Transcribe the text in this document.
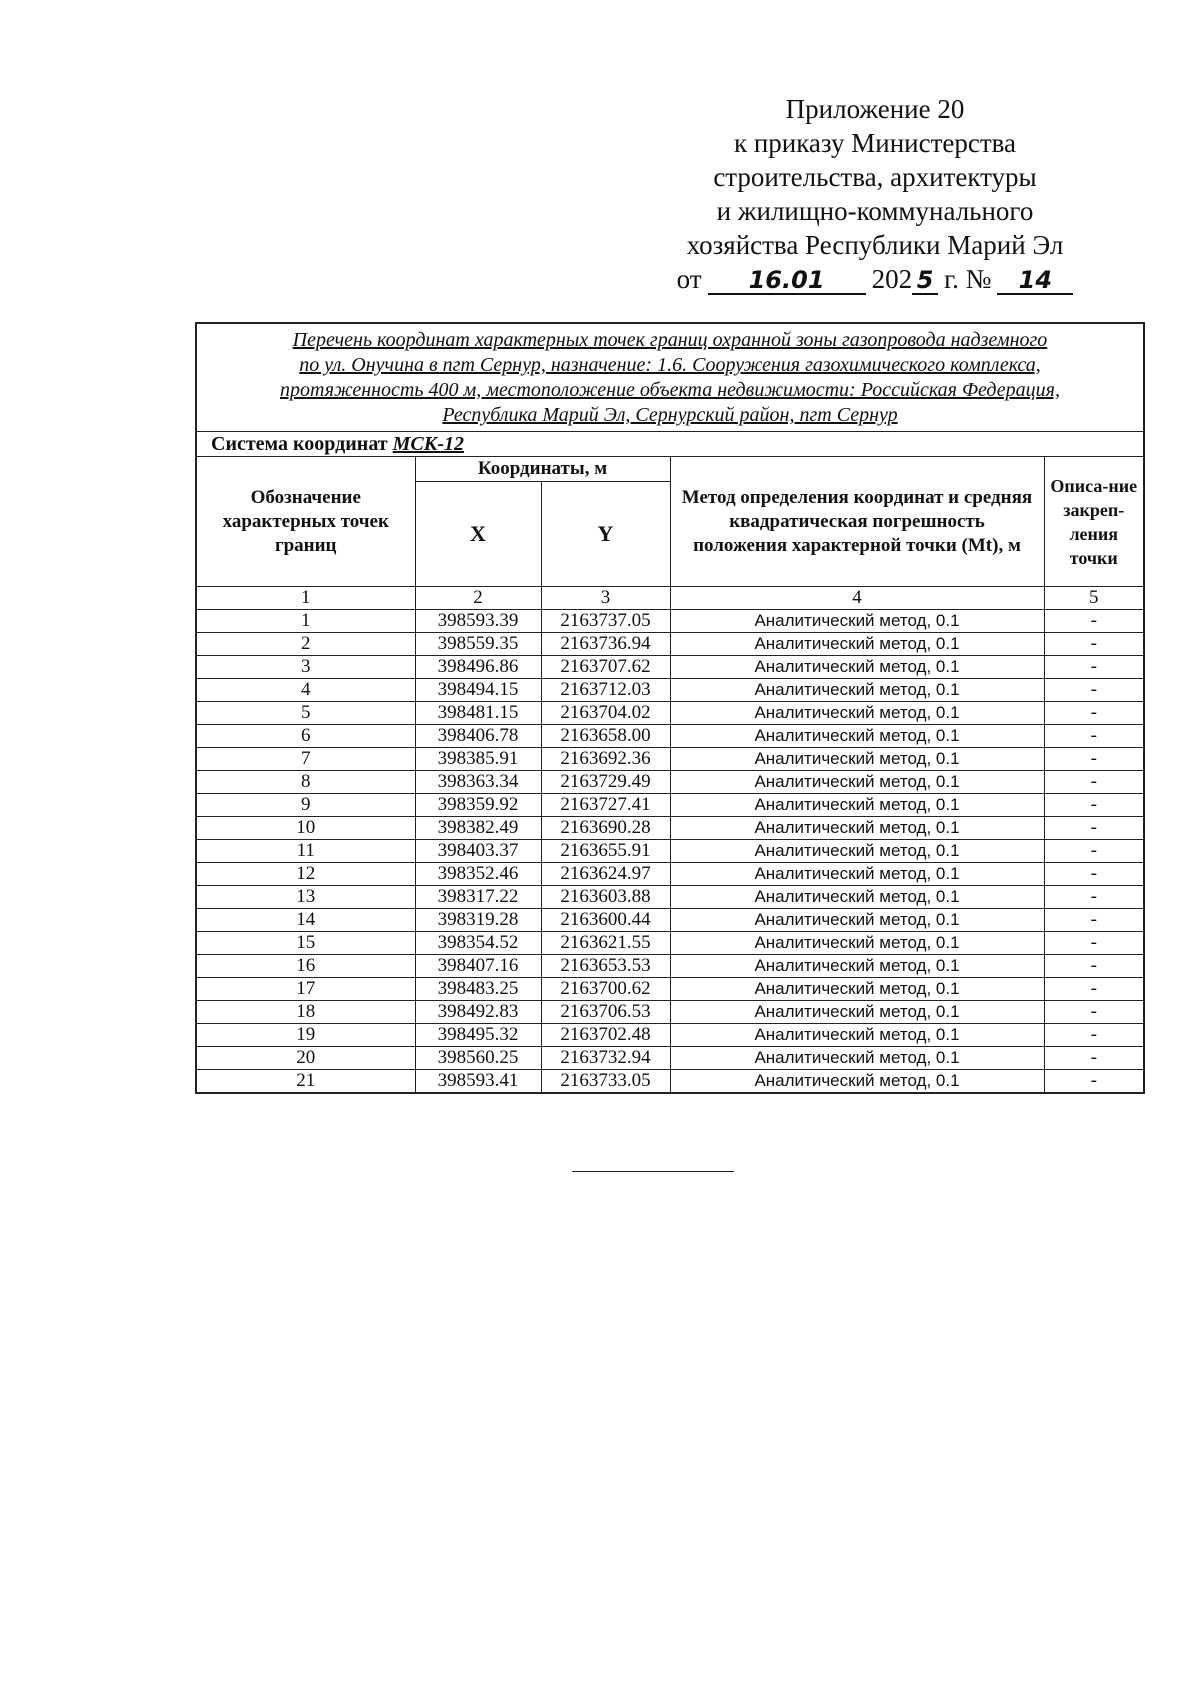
Приложение 20
к приказу Министерства
строительства, архитектуры
и жилищно-коммунального
хозяйства Республики Марий Эл
от	16.01	202 5 г. №	14
Перечень координат характерных точек границ охранной зоны газопровода надземного
по ул. Онучина в пгт Сернур, назначение: 1.6. Сооружения газохимического комплекса,
протяженность 400 м, местоположение объекта недвижимости: Российская Федерация,
Республика Марий Эл, Сернурский район, пгт Сернур				

Система координат МСК-12				
Обозначение характерных точек границ	Координаты, м		Метод определения координат и средняя квадратическая погрешность положения характерной точки (Mt), м	Описа-ние закреп-ления точки
	X	Y		
1	2	3	4	5
1	398593.39	2163737.05	Аналитический метод, 0.1	-
2	398559.35	2163736.94	Аналитический метод, 0.1	-
3	398496.86	2163707.62	Аналитический метод, 0.1	-
4	398494.15	2163712.03	Аналитический метод, 0.1	-
5	398481.15	2163704.02	Аналитический метод, 0.1	-
6	398406.78	2163658.00	Аналитический метод, 0.1	-
7	398385.91	2163692.36	Аналитический метод, 0.1	-
8	398363.34	2163729.49	Аналитический метод, 0.1	-
9	398359.92	2163727.41	Аналитический метод, 0.1	-
10	398382.49	2163690.28	Аналитический метод, 0.1	-
11	398403.37	2163655.91	Аналитический метод, 0.1	-
12	398352.46	2163624.97	Аналитический метод, 0.1	-
13	398317.22	2163603.88	Аналитический метод, 0.1	-
14	398319.28	2163600.44	Аналитический метод, 0.1	-
15	398354.52	2163621.55	Аналитический метод, 0.1	-
16	398407.16	2163653.53	Аналитический метод, 0.1	-
17	398483.25	2163700.62	Аналитический метод, 0.1	-
18	398492.83	2163706.53	Аналитический метод, 0.1	-
19	398495.32	2163702.48	Аналитический метод, 0.1	-
20	398560.25	2163732.94	Аналитический метод, 0.1	-
21	398593.41	2163733.05	Аналитический метод, 0.1	-
